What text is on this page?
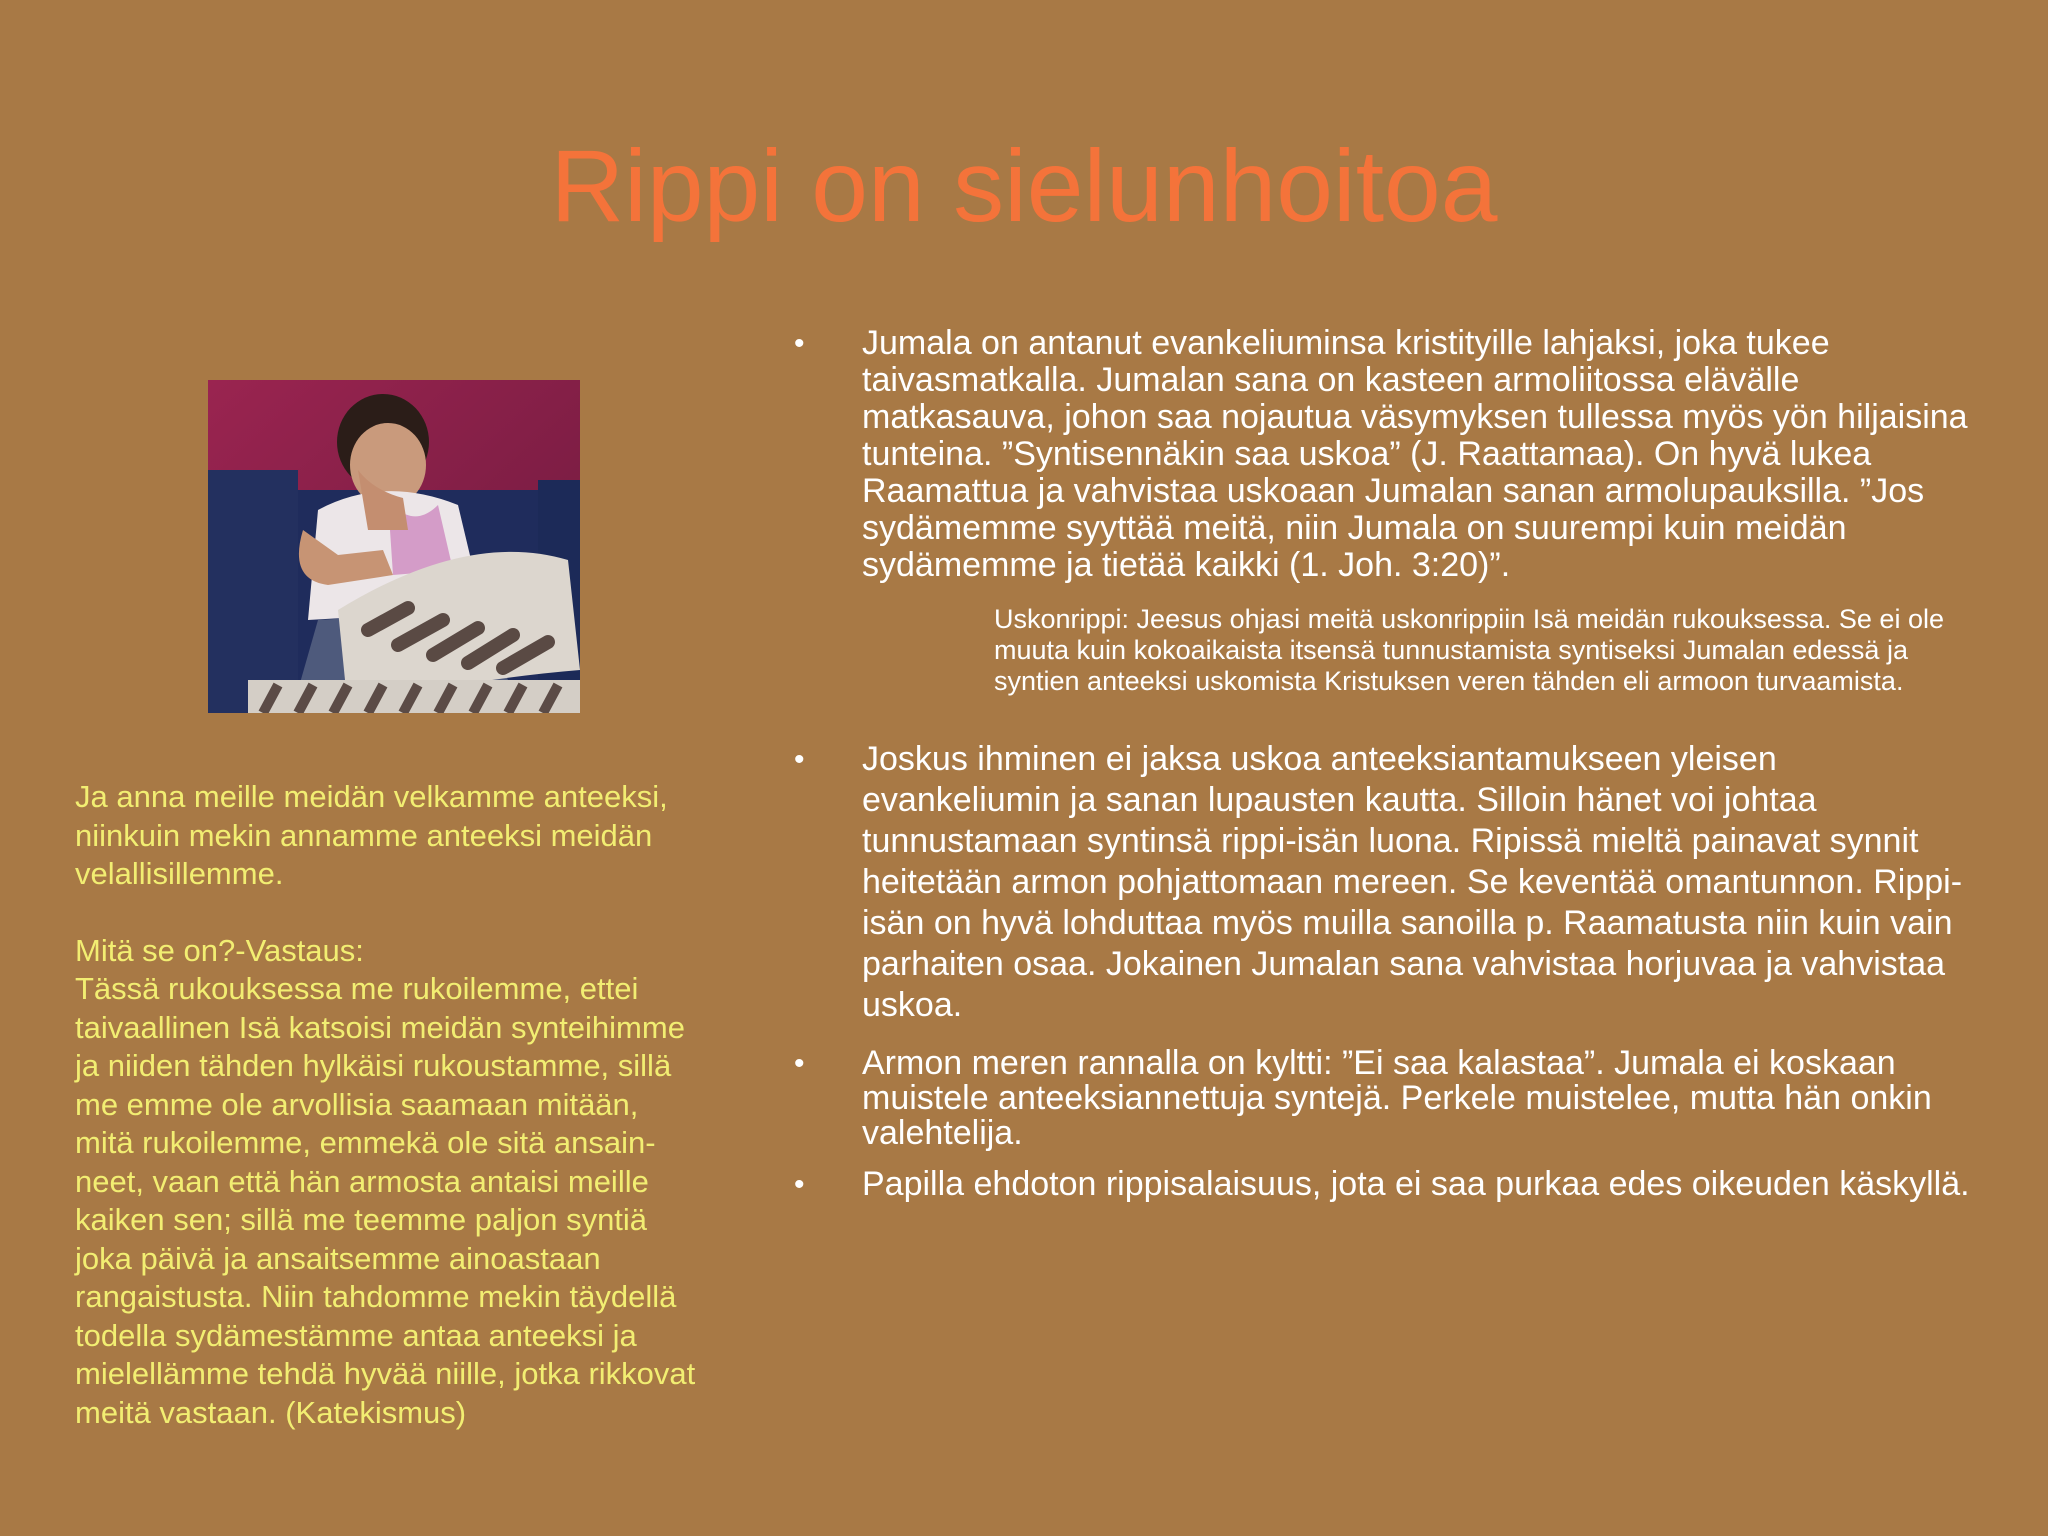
Rippi on sielunhoitoa

Ja anna meille meidän velkamme anteeksi,
niinkuin mekin annamme anteeksi meidän
velallisillemme.

Mitä se on?-Vastaus:
Tässä rukouksessa me rukoilemme, ettei
taivaallinen Isä katsoisi meidän synteihimme
ja niiden tähden hylkäisi rukoustamme, sillä
me emme ole arvollisia saamaan mitään,
mitä rukoilemme, emmekä ole sitä ansain-
neet, vaan että hän armosta antaisi meille
kaiken sen; sillä me teemme paljon syntiä
joka päivä ja ansaitsemme ainoastaan
rangaistusta. Niin tahdomme mekin täydellä
todella sydämestämme antaa anteeksi ja
mielellämme tehdä hyvää niille, jotka rikkovat
meitä vastaan. (Katekismus)

• Jumala on antanut evankeliuminsa kristityille lahjaksi, joka tukee taivasmatkalla. Jumalan sana on kasteen armoliitossa elävälle matkasauva, johon saa nojautua väsymyksen tullessa myös yön hiljaisina tunteina. ”Syntisennäkin saa uskoa” (J. Raattamaa). On hyvä lukea Raamattua ja vahvistaa uskoaan Jumalan sanan armolupauksilla. ”Jos sydämemme syyttää meitä, niin Jumala on suurempi kuin meidän sydämemme ja tietää kaikki (1. Joh. 3:20)”.
Uskonrippi: Jeesus ohjasi meitä uskonrippiin Isä meidän rukouksessa. Se ei ole muuta kuin kokoaikaista itsensä tunnustamista syntiseksi Jumalan edessä ja syntien anteeksi uskomista Kristuksen veren tähden eli armoon turvaamista.
• Joskus ihminen ei jaksa uskoa anteeksiantamukseen yleisen evankeliumin ja sanan lupausten kautta. Silloin hänet voi johtaa tunnustamaan syntinsä rippi-isän luona. Ripissä mieltä painavat synnit heitetään armon pohjattomaan mereen. Se keventää omantunnon. Rippi-isän on hyvä lohduttaa myös muilla sanoilla p. Raamatusta niin kuin vain parhaiten osaa. Jokainen Jumalan sana vahvistaa horjuvaa ja vahvistaa uskoa.
• Armon meren rannalla on kyltti: ”Ei saa kalastaa”. Jumala ei koskaan muistele anteeksiannettuja syntejä. Perkele muistelee, mutta hän onkin valehtelija.
• Papilla ehdoton rippisalaisuus, jota ei saa purkaa edes oikeuden käskyllä.
